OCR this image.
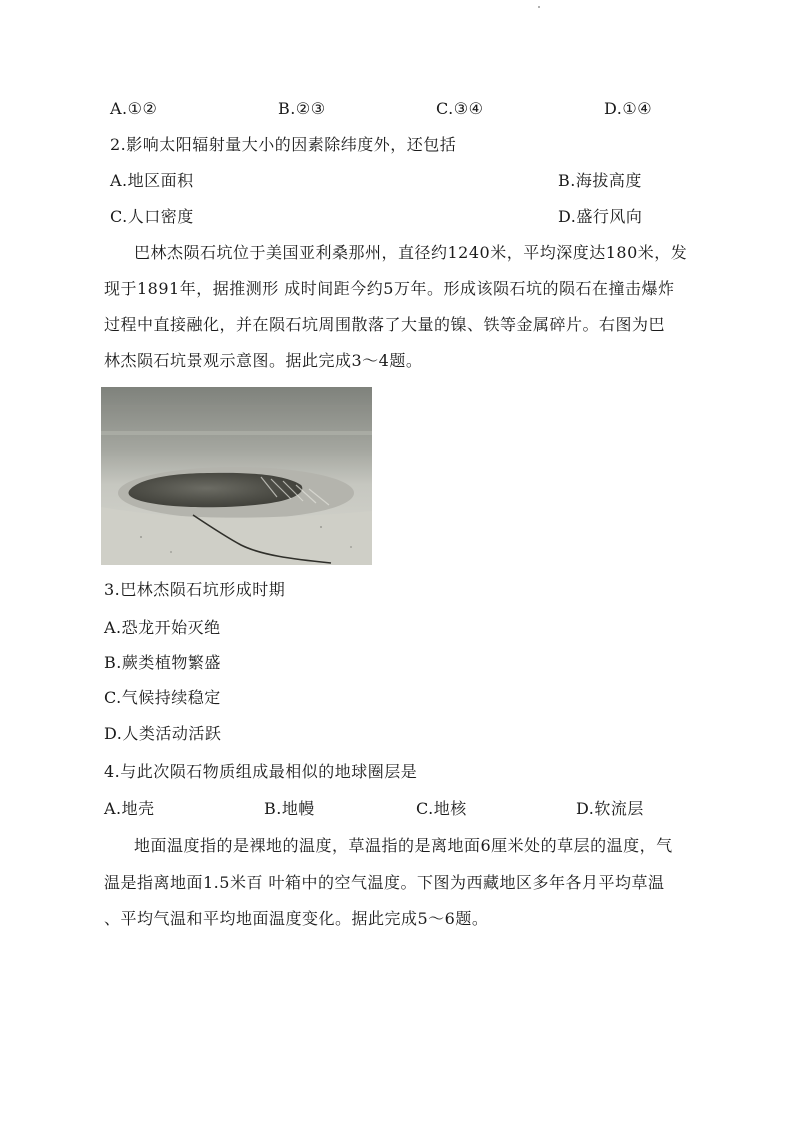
A.①②	B.②③	C.③④	D.①④
2.影响太阳辐射量大小的因素除纬度外，还包括
A.地区面积	B.海拔高度
C.人口密度	D.盛行风向
巴林杰陨石坑位于美国亚利桑那州，直径约1240米，平均深度达180米，发
现于1891年，据推测形 成时间距今约5万年。形成该陨石坑的陨石在撞击爆炸
过程中直接融化，并在陨石坑周围散落了大量的镍、铁等金属碎片。右图为巴
林杰陨石坑景观示意图。据此完成3～4题。
3.巴林杰陨石坑形成时期
A.恐龙开始灭绝
B.蕨类植物繁盛
C.气候持续稳定
D.人类活动活跃
4.与此次陨石物质组成最相似的地球圈层是
A.地壳	B.地幔	C.地核	D.软流层
地面温度指的是裸地的温度，草温指的是离地面6厘米处的草层的温度，气
温是指离地面1.5米百 叶箱中的空气温度。下图为西藏地区多年各月平均草温
、平均气温和平均地面温度变化。据此完成5～6题。
